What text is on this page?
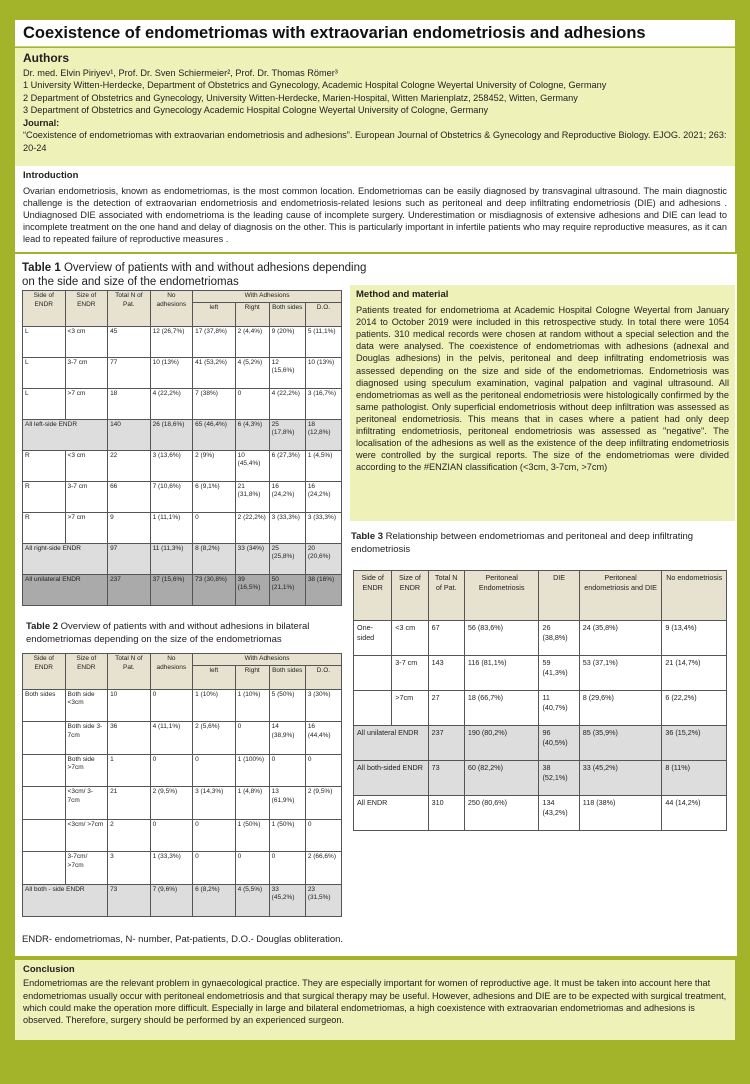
Coexistence of endometriomas with extraovarian endometriosis and adhesions
Authors
Dr. med. Elvin Piriyev¹, Prof. Dr. Sven Schiermeier², Prof. Dr. Thomas Römer³
1 University Witten-Herdecke, Department of Obstetrics and Gynecology, Academic Hospital Cologne Weyertal University of Cologne, Germany
2 Department of Obstetrics and Gynecology, University Witten-Herdecke, Marien-Hospital, Witten Marienplatz, 258452, Witten, Germany
3 Department of Obstetrics and Gynecology Academic Hospital Cologne Weyertal University of Cologne, Germany
Journal:
“Coexistence of endometriomas with extraovarian endometriosis and adhesions”. European Journal of Obstetrics & Gynecology and Reproductive Biology. EJOG. 2021; 263: 20-24
Introduction

Ovarian endometriosis, known as endometriomas, is the most common location. Endometriomas can be easily diagnosed by transvaginal ultrasound. The main diagnostic challenge is the detection of extraovarian endometriosis and endometriosis-related lesions such as peritoneal and deep infiltrating endometriosis (DIE) and adhesions . Undiagnosed DIE associated with endometrioma is the leading cause of incomplete surgery. Underestimation or misdiagnosis of extensive adhesions and DIE can lead to incomplete treatment on the one hand and delay of diagnosis on the other. This is particularly important in infertile patients who may require reproductive measures, as it can lead to repeated failure of reproductive measures .

Table 1 Overview of patients with and without adhesions depending on the side and size of the endometriomas
Side of ENDR	Size of ENDR	Total N of Pat.	No adhesions	With Adhesions			
				left	Right	Both sides	D.O.
L	<3 cm	45	12 (26,7%)	17 (37,8%)	2 (4,4%)	9 (20%)	5 (11,1%)
L	3-7 cm	77	10 (13%)	41 (53,2%)	4 (5,2%)	12 (15,6%)	10 (13%)
L	>7 cm	18	4 (22,2%)	7 (38%)	0	4 (22,2%)	3 (16,7%)
All left-side ENDR		140	26 (18,6%)	65 (46,4%)	6 (4,3%)	25 (17,8%)	18 (12,8%)
R	<3 cm	22	3 (13,6%)	2 (9%)	10 (45,4%)	6 (27,3%)	1 (4,5%)
R	3-7 cm	66	7 (10,6%)	6 (9,1%)	21 (31,8%)	16 (24,2%)	16 (24,2%)
R	>7 cm	9	1 (11,1%)	0	2 (22,2%)	3 (33,3%)	3 (33,3%)
All right-side ENDR		97	11 (11,3%)	8 (8,2%)	33 (34%)	25 (25,8%)	20 (20,6%)
All unilateral ENDR		237	37 (15,6%)	73 (30,8%)	39 (16,5%)	50 (21,1%)	38 (16%)
Method and material

Patients treated for endometrioma at Academic Hospital Cologne Weyertal from January 2014 to October 2019 were included in this retrospective study. In total there were 1054 patients. 310 medical records were chosen at random without a special selection and the data were analysed. The coexistence of endometriomas with adhesions (adnexal and Douglas adhesions) in the pelvis, peritoneal and deep infiltrating endometriosis was assessed depending on the size and side of the endometriomas. Endometriosis was diagnosed using speculum examination, vaginal palpation and vaginal ultrasound. All endometriomas as well as the peritoneal endometriosis were histologically confirmed by the same pathologist. Only superficial endometriosis without deep infiltration was assessed as peritoneal endometriosis. This means that in cases where a patient had only deep infiltrating endometriosis, peritoneal endometriosis was assessed as "negative". The localisation of the adhesions as well as the existence of the deep infiltrating endometriosis were controlled by the surgical reports. The size of the endometriomas were divided according to the #ENZIAN classification (<3cm, 3-7cm, >7cm)

Table 3 Relationship between endometriomas and peritoneal and deep infiltrating endometriosis
Side of ENDR	Size of ENDR	Total N of Pat.	Peritoneal Endometriosis	DIE	Peritoneal endometriosis and DIE	No endometriosis
One-sided	<3 cm	67	56 (83,6%)	26 (38,8%)	24 (35,8%)	9 (13,4%)
	3-7 cm	143	116 (81,1%)	59 (41,3%)	53 (37,1%)	21 (14,7%)
	>7cm	27	18 (66,7%)	11 (40,7%)	8 (29,6%)	6 (22,2%)
All unilateral ENDR		237	190 (80,2%)	96 (40,5%)	85 (35,9%)	36 (15,2%)
All both-sided ENDR		73	60 (82,2%)	38 (52,1%)	33 (45,2%)	8 (11%)
All ENDR		310	250 (80,6%)	134 (43,2%)	118 (38%)	44 (14,2%)
Table 2 Overview of patients with and without adhesions in bilateral endometriomas depending on the size of the endometriomas
Side of ENDR	Size of ENDR	Total N of Pat.	No adhesions	With Adhesions			
				left	Right	Both sides	D.O.
Both sides	Both side <3cm	10	0	1 (10%)	1 (10%)	5 (50%)	3 (30%)
	Both side 3-7cm	36	4 (11,1%)	2 (5,6%)	0	14 (38,9%)	16 (44,4%)
	Both side >7cm	1	0	0	1 (100%)	0	0
	<3cm/ 3-7cm	21	2 (9,5%)	3 (14,3%)	1 (4,8%)	13 (61,9%)	2 (9,5%)
	<3cm/ >7cm	2	0	0	1 (50%)	1 (50%)	0
	3-7cm/ >7cm	3	1 (33,3%)	0	0	0	2 (66,6%)
All both - side ENDR		73	7 (9,6%)	6 (8,2%)	4 (5,5%)	33 (45,2%)	23 (31,5%)
ENDR- endometriomas, N- number, Pat-patients, D.O.- Douglas obliteration.
Conclusion

Endometriomas are the relevant problem in gynaecological practice. They are especially important for women of reproductive age. It must be taken into account here that endometriomas usually occur with peritoneal endometriosis and that surgical therapy may be useful. However, adhesions and DIE are to be expected with surgical treatment, which could make the operation more difficult. Especially in large and bilateral endometriomas, a high coexistence with extraovarian endometriomas and adhesions is observed. Therefore, surgery should be performed by an experienced surgeon.
